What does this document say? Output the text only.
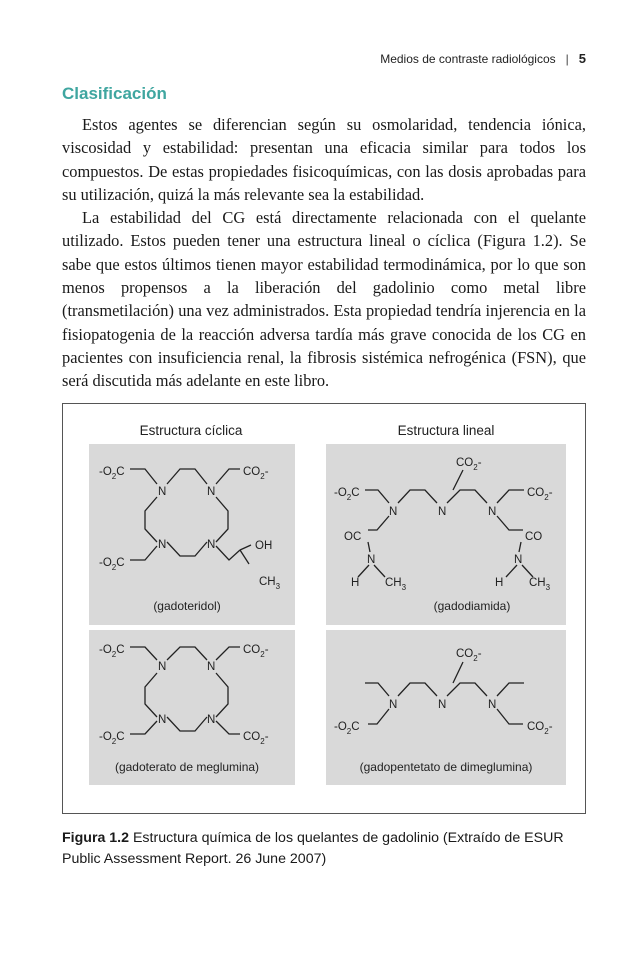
Medios de contraste radiológicos | 5
Clasificación

Estos agentes se diferencian según su osmolaridad, tendencia iónica, viscosidad y estabilidad: presentan una eficacia similar para todos los compuestos. De estas propiedades fisicoquímicas, con las dosis aprobadas para su utilización, quizá la más relevante sea la estabilidad.

La estabilidad del CG está directamente relacionada con el quelante utilizado. Estos pueden tener una estructura lineal o cíclica (Figura 1.2). Se sabe que estos últimos tienen mayor estabilidad termodinámica, por lo que son menos propensos a la liberación del gadolinio como metal libre (transmetilación) una vez administrados. Esta propiedad tendría injerencia en la fisiopatogenia de la reacción adversa tardía más grave conocida de los CG en pacientes con insuficiencia renal, la fibrosis sistémica nefrogénica (FSN), que será discutida más adelante en este libro.

Estructura cíclica	Estructura lineal
$-O_2C$
N	N
$CO_2-$
N	N
$-O_2C$
OH
$CH_3$
(gadoteridol)
$CO_2-$
$-O_2C$	$CO_2-$
N	N	N
OC	CO
N	N
H $CH_3$	H $CH_3$
(gadodiamida)
$-O_2C$
N	N
$CO_2-$
N	N
$-O_2C$	$CO_2-$
(gadoterato de meglumina)
$CO_2-$
N	N	N
$-O_2C$	$CO_2-$
(gadopentetato de dimeglumina)
Figura 1.2 Estructura química de los quelantes de gadolinio (Extraído de ESUR Public Assessment Report. 26 June 2007)
